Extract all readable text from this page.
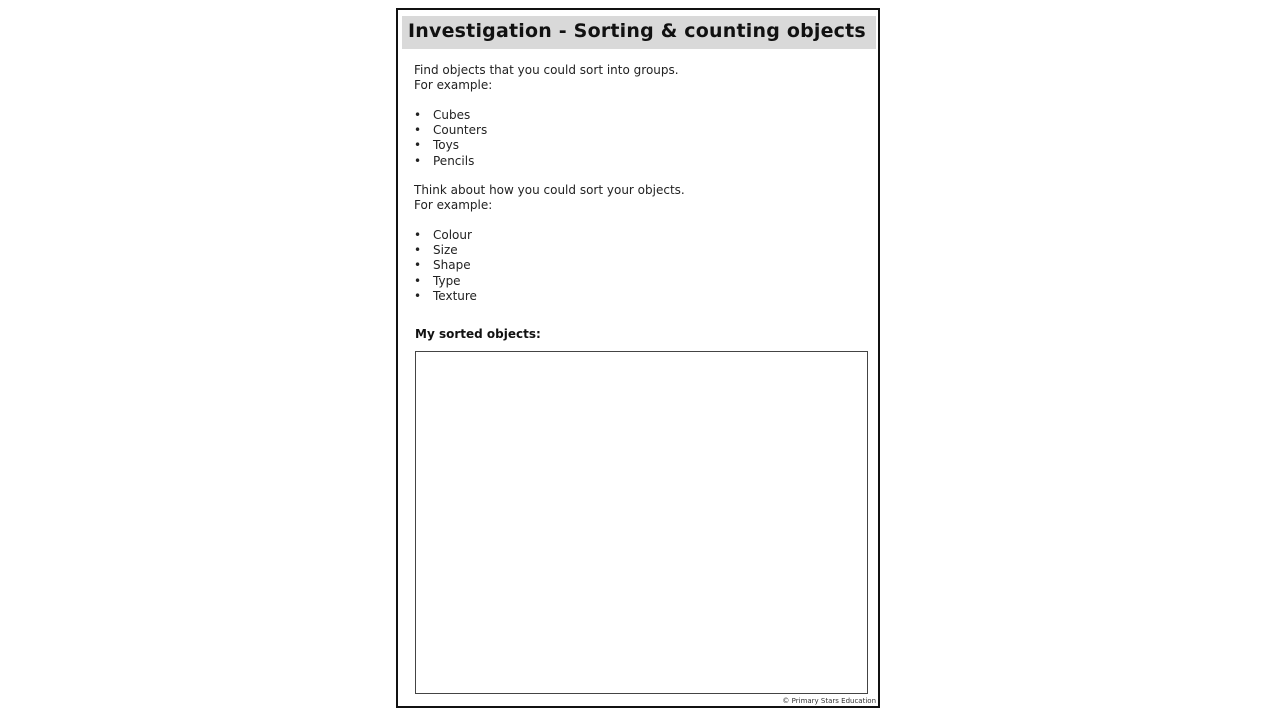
Investigation - Sorting & counting objects
Find objects that you could sort into groups.
For example:
• Cubes
• Counters
• Toys
• Pencils
Think about how you could sort your objects.
For example:
• Colour
• Size
• Shape
• Type
• Texture
My sorted objects:
© Primary Stars Education
